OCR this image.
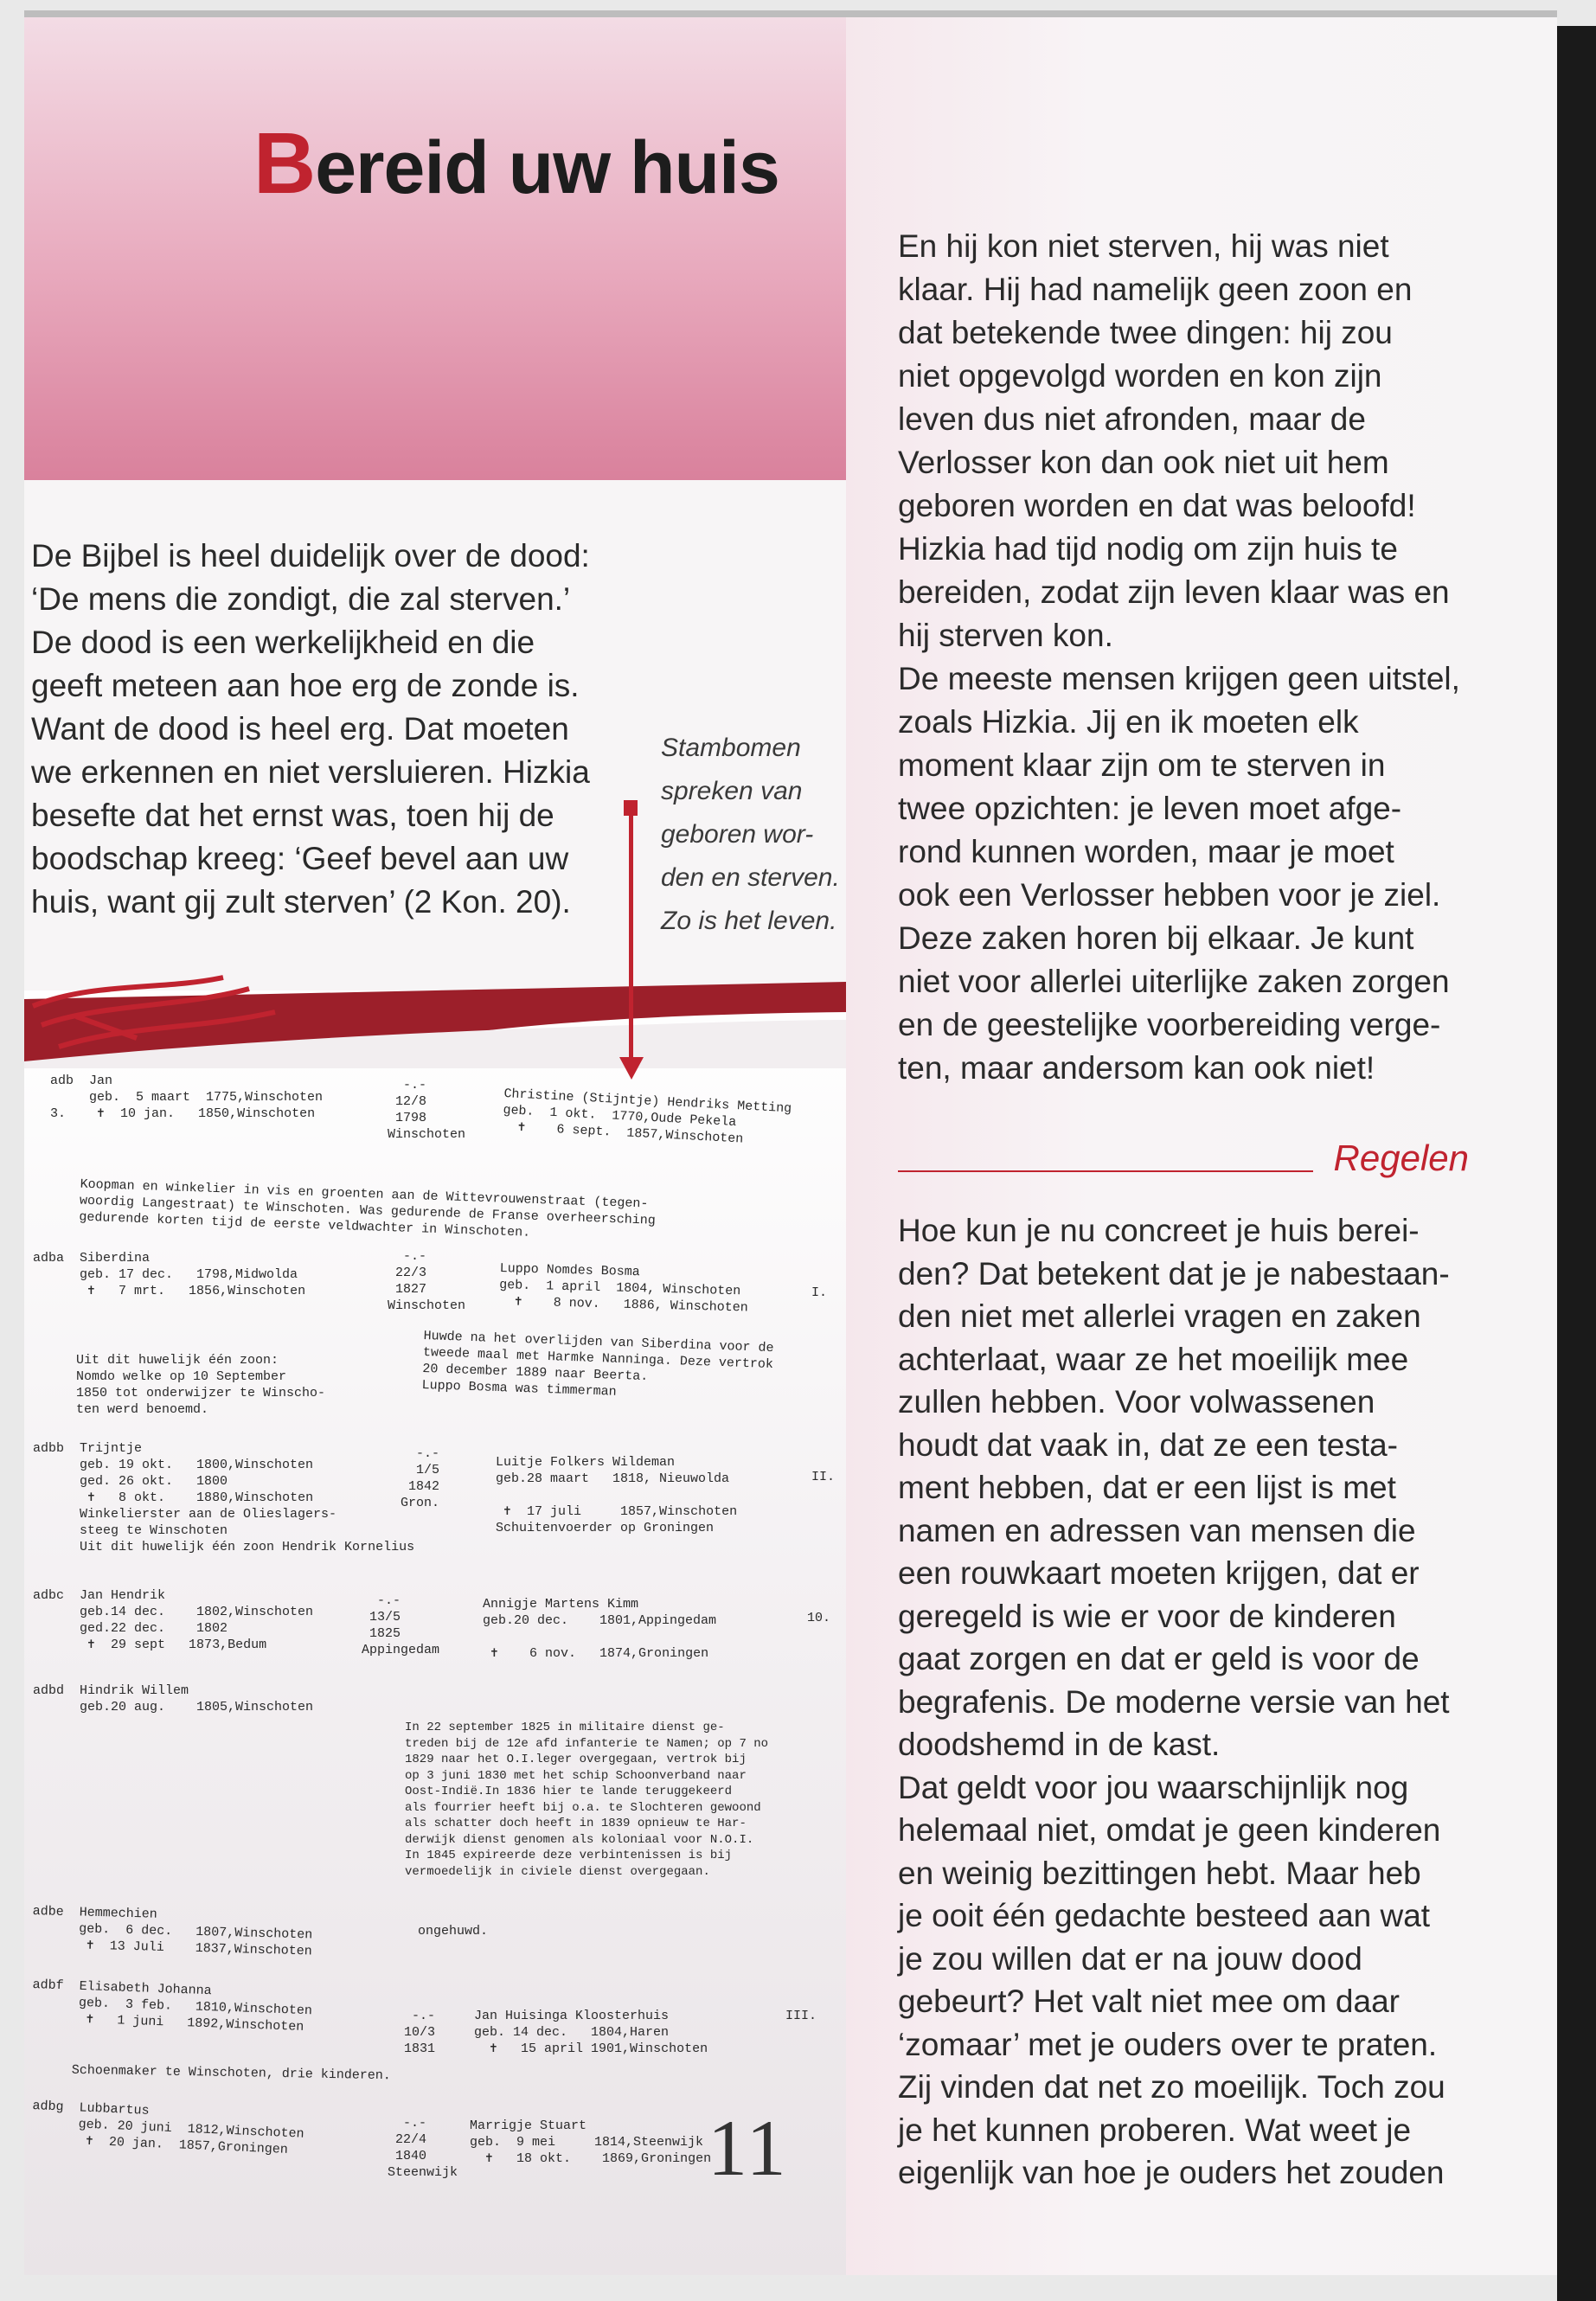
Bereid uw huis

De Bijbel is heel duidelijk over de dood:

‘De mens die zondigt, die zal sterven.’

De dood is een werkelijkheid en die

geeft meteen aan hoe erg de zonde is.

Want de dood is heel erg. Dat moeten

we erkennen en niet versluieren. Hizkia

besefte dat het ernst was, toen hij de

boodschap kreeg: ‘Geef bevel aan uw

huis, want gij zult sterven’ (2 Kon. 20).

Stambomen
spreken van
geboren wor-
den en sterven.
Zo is het leven.
adb  Jan
geb.  5 maart  1775,Winschoten
3.    ✝  10 jan.   1850,Winschoten
-.-
12/8
1798
Winschoten
Christine (Stijntje) Hendriks Metting
geb.  1 okt.  1770,Oude Pekela
✝    6 sept.  1857,Winschoten
Koopman en winkelier in vis en groenten aan de Wittevrouwenstraat (tegen-
woordig Langestraat) te Winschoten. Was gedurende de Franse overheersching
gedurende korten tijd de eerste veldwachter in Winschoten.
adba  Siberdina
geb. 17 dec.   1798,Midwolda
✝   7 mrt.   1856,Winschoten
-.-
22/3
1827
Winschoten
Luppo Nomdes Bosma
geb.  1 april  1804, Winschoten
✝    8 nov.   1886, Winschoten
I.
Huwde na het overlijden van Siberdina voor de
tweede maal met Harmke Nanninga. Deze vertrok
20 december 1889 naar Beerta.
Luppo Bosma was timmerman
Uit dit huwelijk één zoon:
Nomdo welke op 10 September
1850 tot onderwijzer te Winscho-
ten werd benoemd.
adbb  Trijntje
geb. 19 okt.   1800,Winschoten
ged. 26 okt.   1800
✝   8 okt.    1880,Winschoten
Winkelierster aan de Olieslagers-
steeg te Winschoten
Uit dit huwelijk één zoon Hendrik Kornelius
-.-
1/5
1842
Gron.
Luitje Folkers Wildeman
geb.28 maart   1818, Nieuwolda

✝  17 juli     1857,Winschoten
Schuitenvoerder op Groningen
II.
adbc  Jan Hendrik
geb.14 dec.    1802,Winschoten
ged.22 dec.    1802
✝  29 sept   1873,Bedum
-.-
13/5
1825
Appingedam
Annigje Martens Kimm
geb.20 dec.    1801,Appingedam

✝    6 nov.   1874,Groningen
10.
adbd  Hindrik Willem
geb.20 aug.    1805,Winschoten
In 22 september 1825 in militaire dienst ge-
treden bij de 12e afd infanterie te Namen; op 7 no
1829 naar het O.I.leger overgegaan, vertrok bij
op 3 juni 1830 met het schip Schoonverband naar
Oost-Indië.In 1836 hier te lande teruggekeerd
als fourrier heeft bij o.a. te Slochteren gewoond
als schatter doch heeft in 1839 opnieuw te Har-
derwijk dienst genomen als koloniaal voor N.O.I.
In 1845 expireerde deze verbintenissen is bij
vermoedelijk in civiele dienst overgegaan.
adbe  Hemmechien
geb.  6 dec.   1807,Winschoten
✝  13 Juli    1837,Winschoten
ongehuwd.
adbf  Elisabeth Johanna
geb.  3 feb.   1810,Winschoten
✝   1 juni   1892,Winschoten	-.-
10/3
1831
Jan Huisinga Kloosterhuis
geb. 14 dec.   1804,Haren
✝   15 april 1901,Winschoten
III.
Schoenmaker te Winschoten, drie kinderen.
adbg  Lubbartus
geb. 20 juni  1812,Winschoten
✝  20 jan.  1857,Groningen
-.-
22/4
1840
Steenwijk
Marrigje Stuart
geb.  9 mei     1814,Steenwijk
✝   18 okt.    1869,Groningen
11

En hij kon niet sterven, hij was niet

klaar. Hij had namelijk geen zoon en

dat betekende twee dingen: hij zou

niet opgevolgd worden en kon zijn

leven dus niet afronden, maar de

Verlosser kon dan ook niet uit hem

geboren worden en dat was beloofd!

Hizkia had tijd nodig om zijn huis te

bereiden, zodat zijn leven klaar was en

hij sterven kon.

De meeste mensen krijgen geen uitstel,

zoals Hizkia. Jij en ik moeten elk

moment klaar zijn om te sterven in

twee opzichten: je leven moet afge-

rond kunnen worden, maar je moet

ook een Verlosser hebben voor je ziel.

Deze zaken horen bij elkaar. Je kunt

niet voor allerlei uiterlijke zaken zorgen

en de geestelijke voorbereiding verge-

ten, maar andersom kan ook niet!

Regelen

Hoe kun je nu concreet je huis berei-

den? Dat betekent dat je je nabestaan-

den niet met allerlei vragen en zaken

achterlaat, waar ze het moeilijk mee

zullen hebben. Voor volwassenen

houdt dat vaak in, dat ze een testa-

ment hebben, dat er een lijst is met

namen en adressen van mensen die

een rouwkaart moeten krijgen, dat er

geregeld is wie er voor de kinderen

gaat zorgen en dat er geld is voor de

begrafenis. De moderne versie van het

doodshemd in de kast.

Dat geldt voor jou waarschijnlijk nog

helemaal niet, omdat je geen kinderen

en weinig bezittingen hebt. Maar heb

je ooit één gedachte besteed aan wat

je zou willen dat er na jouw dood

gebeurt? Het valt niet mee om daar

‘zomaar’ met je ouders over te praten.

Zij vinden dat net zo moeilijk. Toch zou

je het kunnen proberen. Wat weet je

eigenlijk van hoe je ouders het zouden
